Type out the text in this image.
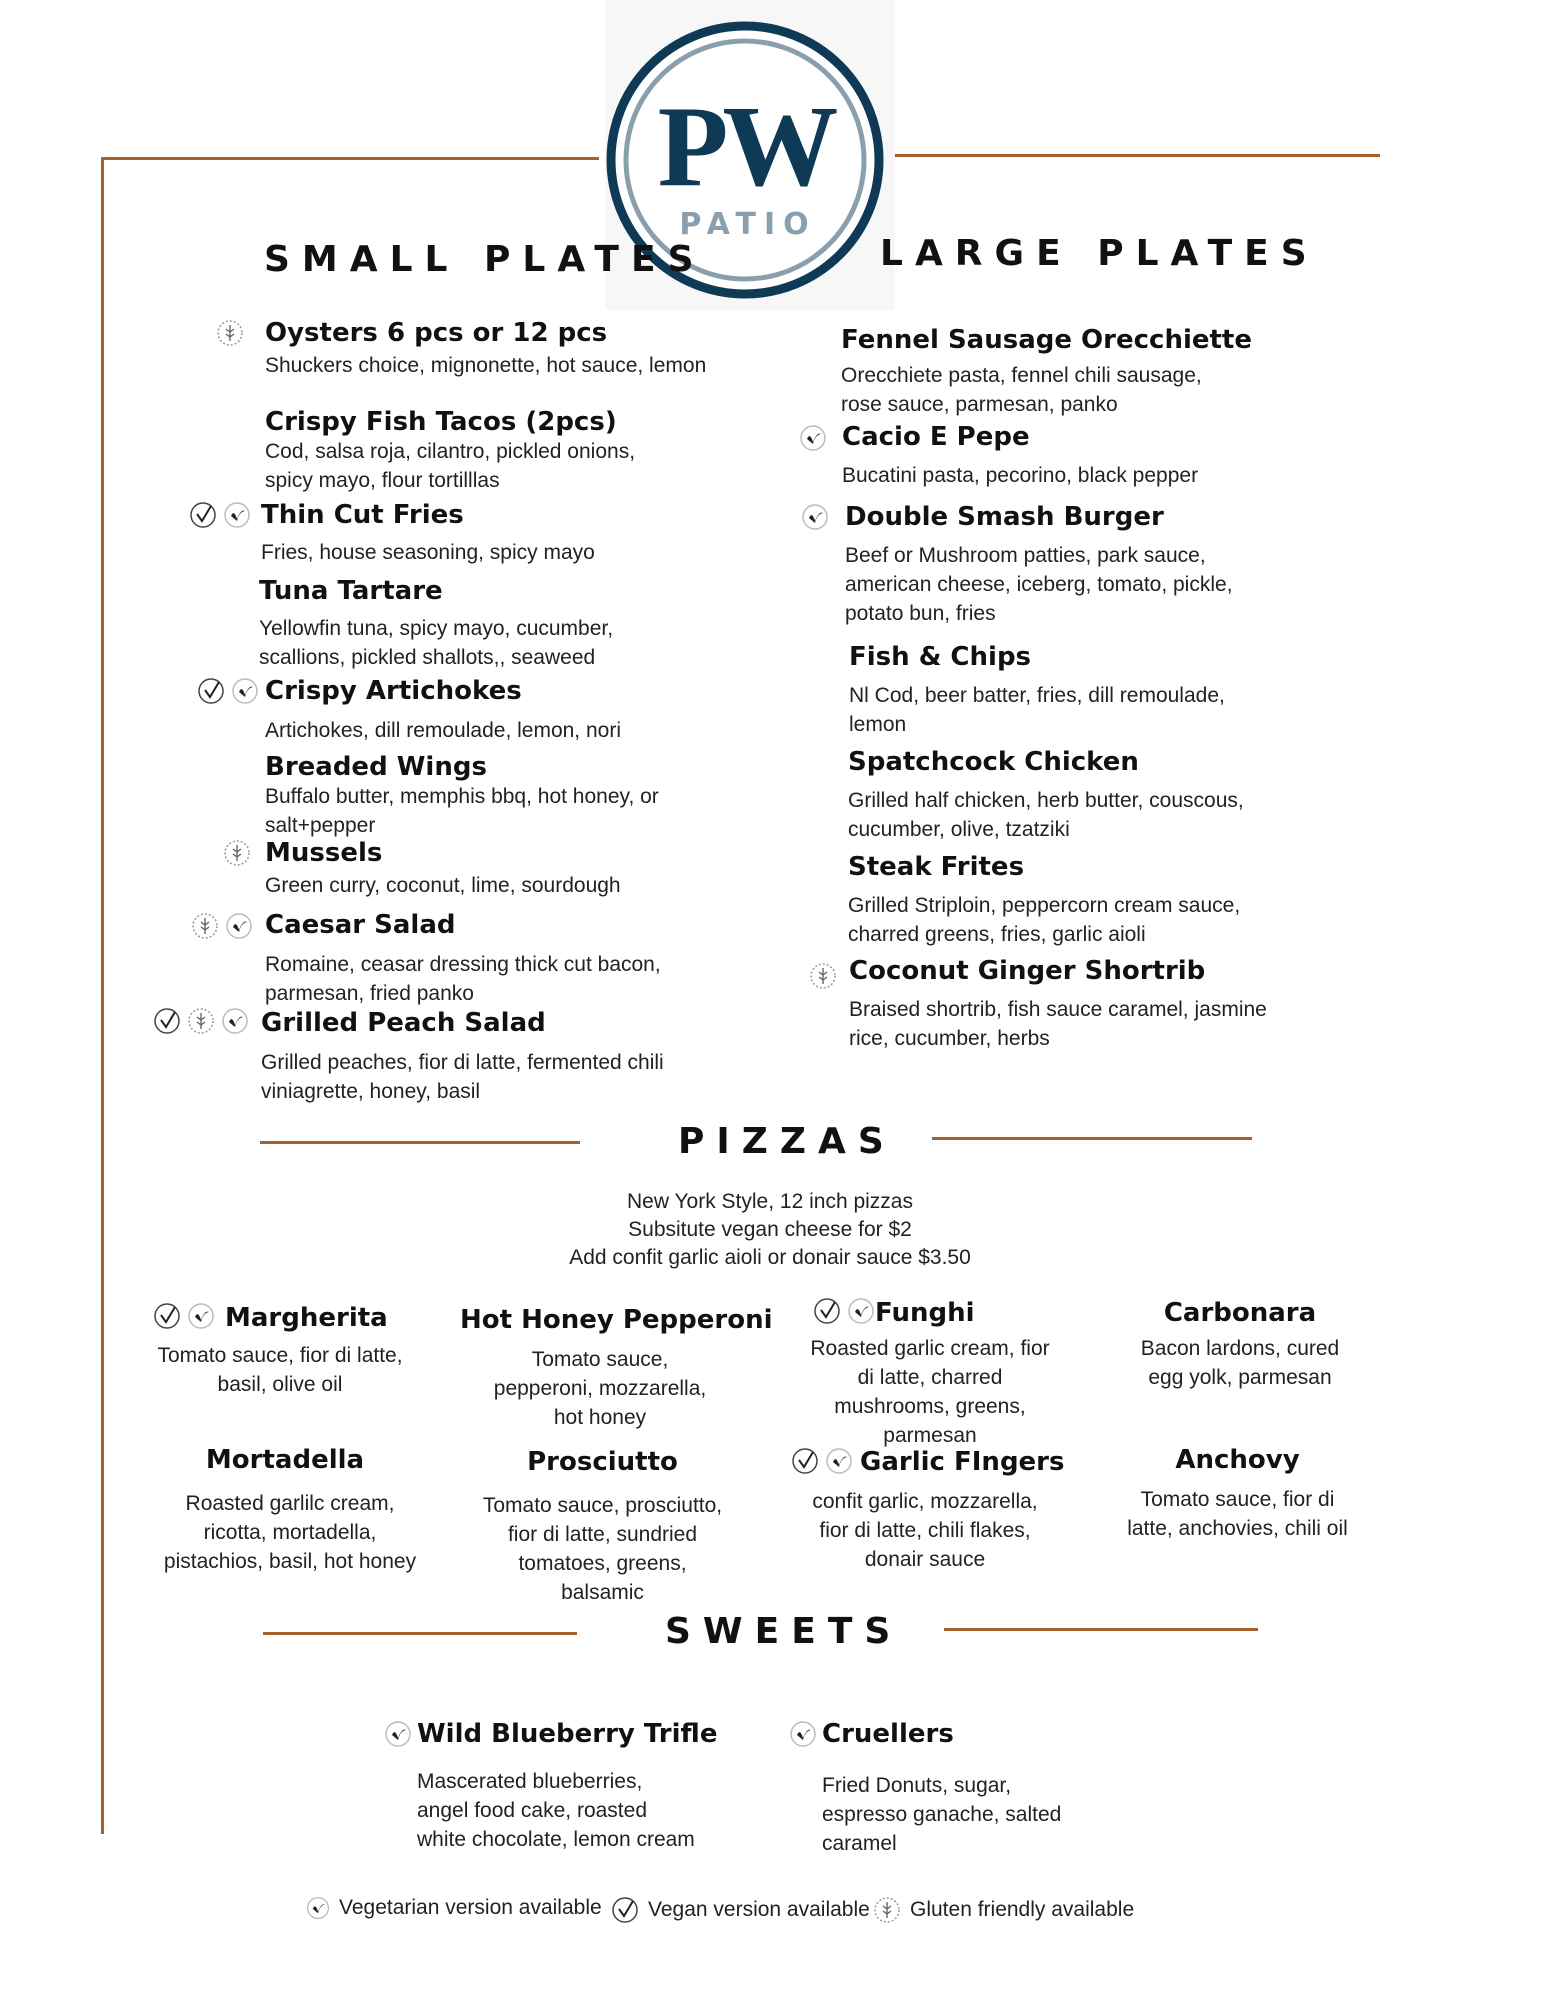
PW
PATIO
SMALL PLATES	LARGE PLATES
PIZZAS
SWEETS
Oysters 6 pcs or 12 pcs
Shuckers choice, mignonette, hot sauce, lemon
Crispy Fish Tacos (2pcs)
Cod, salsa roja, cilantro, pickled onions, spicy mayo, flour tortilllas
Thin Cut Fries
Fries, house seasoning, spicy mayo
Tuna Tartare
Yellowfin tuna, spicy mayo, cucumber, scallions, pickled shallots,, seaweed
Crispy Artichokes
Artichokes, dill remoulade, lemon, nori
Breaded Wings
Buffalo butter, memphis bbq, hot honey, or salt+pepper
Mussels
Green curry, coconut, lime, sourdough
Caesar Salad
Romaine, ceasar dressing thick cut bacon, parmesan, fried panko
Grilled Peach Salad
Grilled peaches, fior di latte, fermented chili viniagrette, honey, basil
Fennel Sausage Orecchiette
Orecchiete pasta, fennel chili sausage, rose sauce, parmesan, panko
Cacio E Pepe
Bucatini pasta, pecorino, black pepper
Double Smash Burger
Beef or Mushroom patties, park sauce, american cheese, iceberg, tomato, pickle, potato bun, fries
Fish & Chips
Nl Cod, beer batter, fries, dill remoulade, lemon
Spatchcock Chicken
Grilled half chicken, herb butter, couscous, cucumber, olive, tzatziki
Steak Frites
Grilled Striploin, peppercorn cream sauce, charred greens, fries, garlic aioli
Coconut Ginger Shortrib
Braised shortrib, fish sauce caramel, jasmine rice, cucumber, herbs
New York Style, 12 inch pizzas
Subsitute vegan cheese for $2
Add confit garlic aioli or donair sauce $3.50
Margherita
Tomato sauce, fior di latte, basil, olive oil
Hot Honey Pepperoni
Tomato sauce, pepperoni, mozzarella, hot honey
Funghi
Roasted garlic cream, fior di latte, charred mushrooms, greens, parmesan
Carbonara
Bacon lardons, cured egg yolk, parmesan
Mortadella
Roasted garlilc cream, ricotta, mortadella, pistachios, basil, hot honey
Prosciutto
Tomato sauce, prosciutto, fior di latte, sundried tomatoes, greens, balsamic
Garlic FIngers
confit garlic, mozzarella, fior di latte, chili flakes, donair sauce
Anchovy
Tomato sauce, fior di latte, anchovies, chili oil
Wild Blueberry Trifle
Mascerated blueberries, angel food cake, roasted white chocolate, lemon cream
Cruellers
Fried Donuts, sugar, espresso ganache, salted caramel
Vegetarian version available Vegan version available Gluten friendly available
